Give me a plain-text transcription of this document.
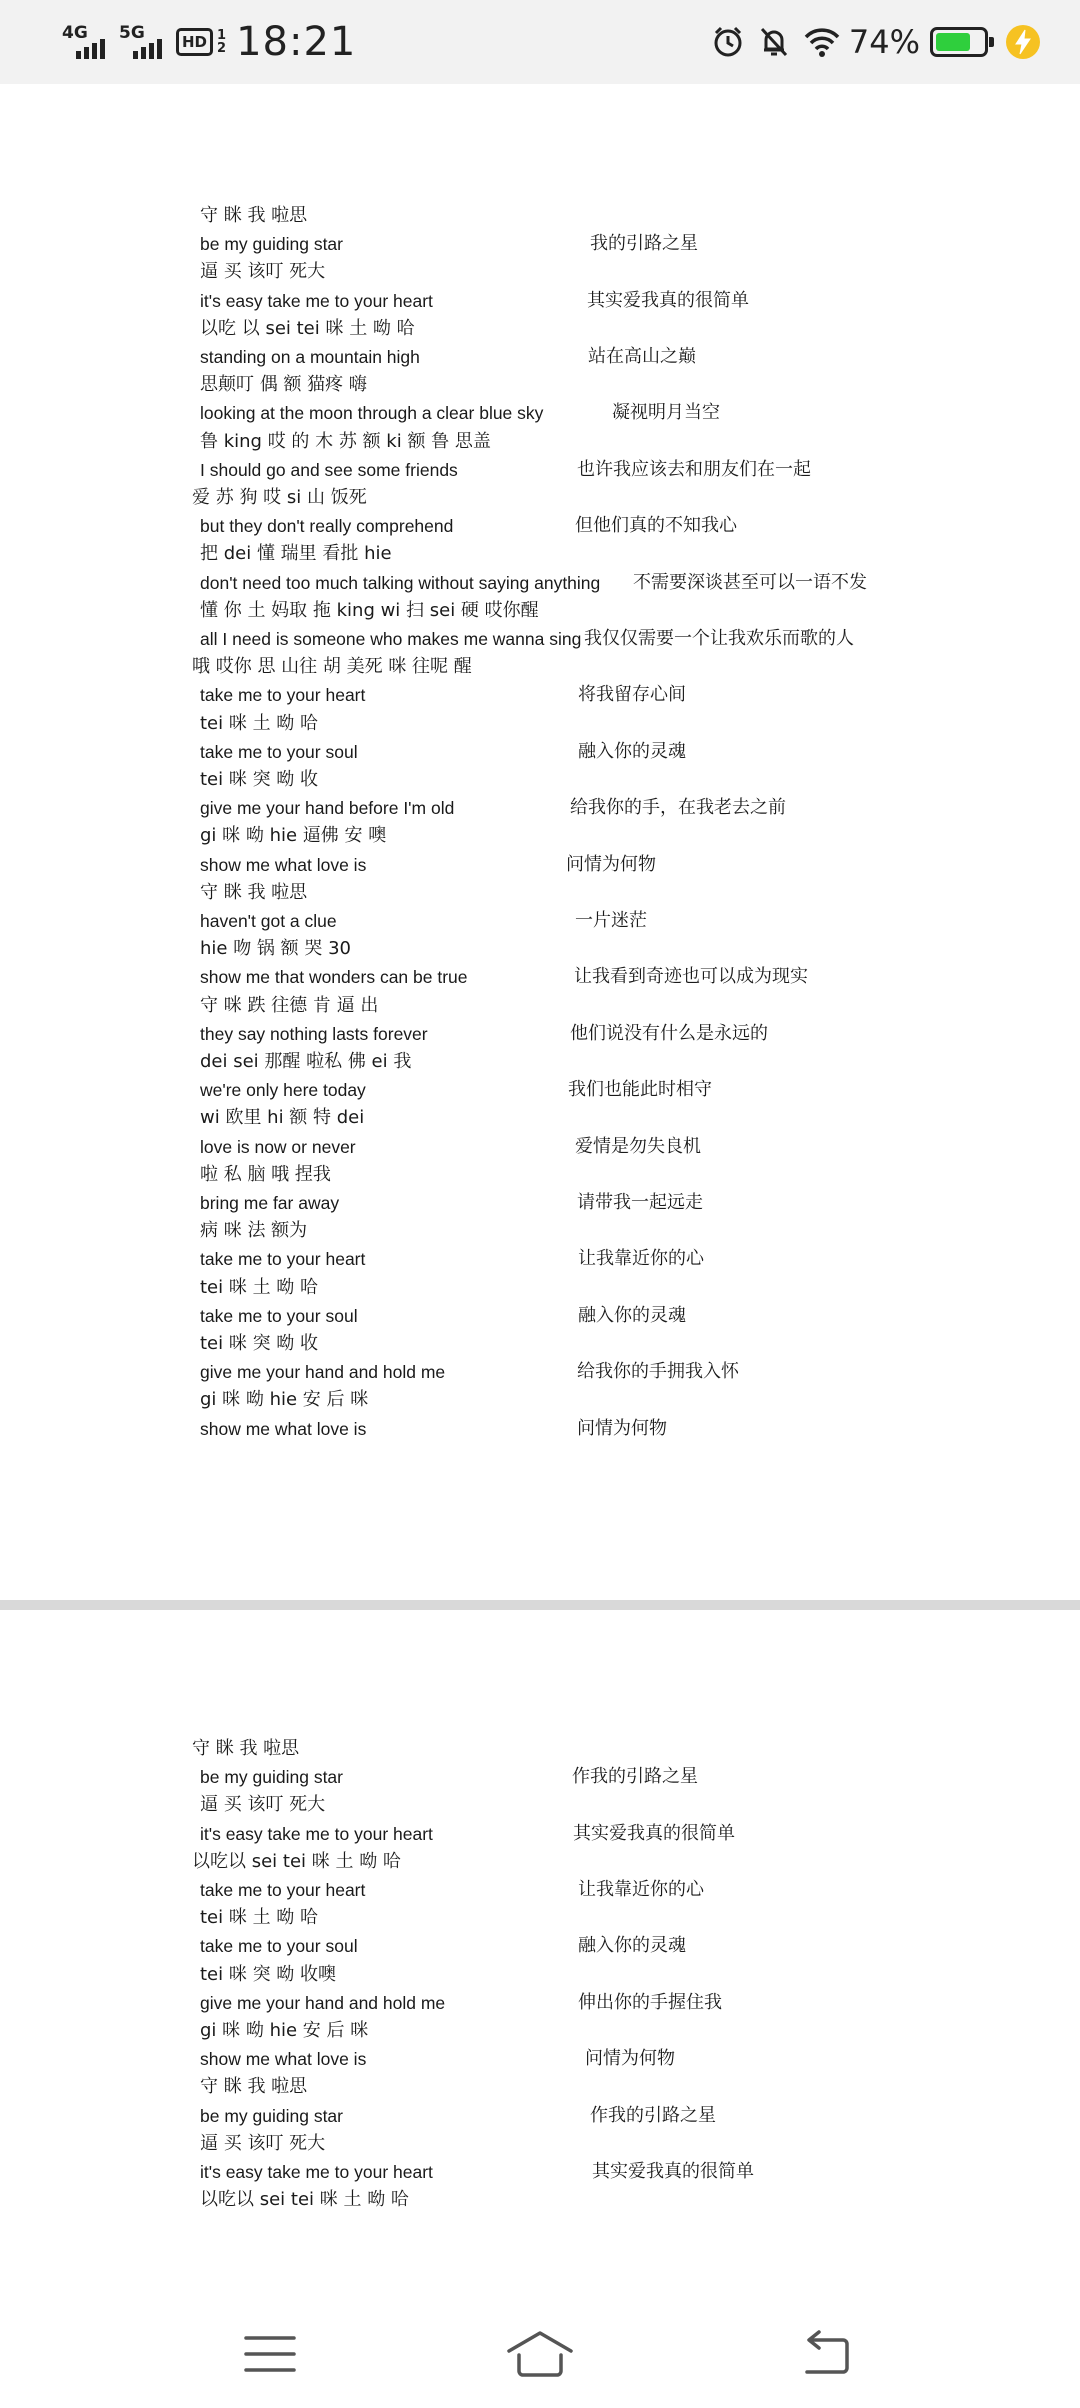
4G 5G	HD 1
2 18:21	74%
守 眯 我 啦思
be my guiding star	我的引路之星
逼 买 该叮 死大
it's easy take me to your heart	其实爱我真的很简单
以吃 以 sei tei 咪 土 呦 哈
standing on a mountain high	站在高山之巅
思颠叮 偶 额 猫疼 嗨
looking at the moon through a clear blue sky	凝视明月当空
鲁 king 哎 的 木 苏 额 ki 额 鲁 思盖
I should go and see some friends	也许我应该去和朋友们在一起
爱 苏 狗 哎 si 山 饭死
but they don't really comprehend	但他们真的不知我心
把 dei 懂 瑞里 看批 hie
don't need too much talking without saying anything 不需要深谈甚至可以一语不发
懂 你 土 妈取 拖 king wi 扫 sei 硬 哎你醒
all I need is someone who makes me wanna sing 我仅仅需要一个让我欢乐而歌的人
哦 哎你 思 山往 胡 美死 咪 往呢 醒
take me to your heart	将我留存心间
tei 咪 土 呦 哈
take me to your soul	融入你的灵魂
tei 咪 突 呦 收
give me your hand before I'm old	给我你的手，在我老去之前
gi 咪 呦 hie 逼佛 安 噢
show me what love is	问情为何物
守 眯 我 啦思
haven't got a clue	一片迷茫
hie 吻 锅 额 哭 30
show me that wonders can be true	让我看到奇迹也可以成为现实
守 咪 跌 往德 肯 逼 出
they say nothing lasts forever	他们说没有什么是永远的
dei sei 那醒 啦私 佛 ei 我
we're only here today	我们也能此时相守
wi 欧里 hi 额 特 dei
love is now or never	爱情是勿失良机
啦 私 脑 哦 捏我
bring me far away	请带我一起远走
病 咪 法 额为
take me to your heart	让我靠近你的心
tei 咪 土 呦 哈
take me to your soul	融入你的灵魂
tei 咪 突 呦 收
give me your hand and hold me	给我你的手拥我入怀
gi 咪 呦 hie 安 后 咪
show me what love is	问情为何物
守 眯 我 啦思
be my guiding star	作我的引路之星
逼 买 该叮 死大
it's easy take me to your heart	其实爱我真的很简单
以吃以 sei tei 咪 土 呦 哈
take me to your heart	让我靠近你的心
tei 咪 土 呦 哈
take me to your soul	融入你的灵魂
tei 咪 突 呦 收噢
give me your hand and hold me	伸出你的手握住我
gi 咪 呦 hie 安 后 咪
show me what love is	问情为何物
守 眯 我 啦思
be my guiding star	作我的引路之星
逼 买 该叮 死大
it's easy take me to your heart	其实爱我真的很简单
以吃以 sei tei 咪 土 呦 哈
